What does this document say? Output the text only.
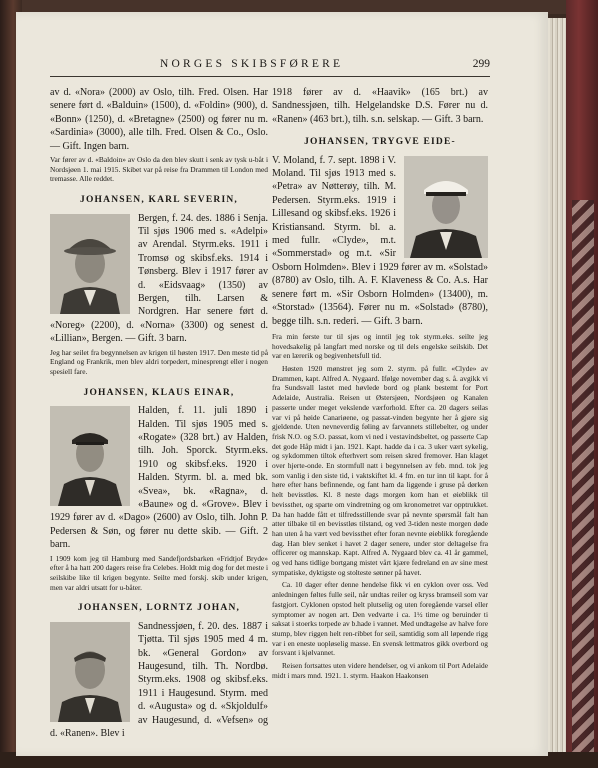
NORGES SKIBSFØRERE	299

av d. «Nora» (2000) av Oslo, tilh. Fred. Olsen. Har senere ført d. «Balduin» (1500), d. «Foldin» (900), d. «Bonn» (1250), d. «Bretagne» (2500) og fører nu m. «Sardinia» (3000), alle tilh. Fred. Olsen & Co., Oslo. — Gift. Ingen barn.

Var fører av d. «Baldoin» av Oslo da den blev skutt i senk av tysk u-båt i Nordsjøen 1. mai 1915. Skibet var på reise fra Drammen til London med tremasse. Alle reddet.

JOHANSEN, KARL SEVERIN,

Bergen, f. 24. des. 1886 i Senja. Til sjøs 1906 med s. «Adelpi» av Arendal. Styrm.eks. 1911 i Tromsø og skibsf.eks. 1914 i Tønsberg. Blev i 1917 fører av d. «Eidsvaag» (1350) av Bergen, tilh. Larsen & Nordgren. Har senere ført d. «Noreg» (2200), d. «Norna» (3300) og senest d. «Lillian», Bergen. — Gift. 3 barn.

Jeg har seilet fra begynnelsen av krigen til høsten 1917. Den meste tid på England og Frankrik, men blev aldri torpedert, minesprengt eller i nogen spesiell fare.

JOHANSEN, KLAUS EINAR,

Halden, f. 11. juli 1890 i Halden. Til sjøs 1905 med s. «Rogate» (328 brt.) av Halden, tilh. Joh. Sporck. Styrm.eks. 1910 og skibsf.eks. 1920 i Halden. Styrm. bl. a. med bk. «Svea», bk. «Ragna», d. «Baune» og d. «Grove». Blev i 1929 fører av d. «Dago» (2600) av Oslo, tilh. John P. Pedersen & Søn, og fører nu dette skib. — Gift. 2 barn.

I 1909 kom jeg til Hamburg med Sandefjordsbarken «Fridtjof Bryde» efter å ha hatt 200 dagers reise fra Celebes. Holdt mig dog for det meste i seilskibe like til krigen begynte. Seilte med forskj. skib under krigen, men var aldri utsatt for u-båter.

JOHANSEN, LORNTZ JOHAN,

Sandnessjøen, f. 20. des. 1887 i Tjøtta. Til sjøs 1905 med 4 m. bk. «General Gordon» av Haugesund, tilh. Th. Nordbø. Styrm.eks. 1908 og skibsf.eks. 1911 i Haugesund. Styrm. med d. «Augusta» og d. «Skjoldulf» av Haugesund, d. «Vefsen» og d. «Ranen». Blev i

1918 fører av d. «Haavik» (165 brt.) av Sandnessjøen, tilh. Helgelandske D.S. Fører nu d. «Ranen» (463 brt.), tilh. s.n. selskap. — Gift. 3 barn.

JOHANSEN, TRYGVE EIDE-

V. Moland, f. 7. sept. 1898 i V. Moland. Til sjøs 1913 med s. «Petra» av Nøtterøy, tilh. M. Pedersen. Styrm.eks. 1919 i Lillesand og skibsf.eks. 1926 i Kristiansand. Styrm. bl. a. med fullr. «Clyde», m.t. «Sommerstad» og m.t. «Sir Osborn Holmden». Blev i 1929 fører av m. «Solstad» (8780) av Oslo, tilh. A. F. Klaveness & Co. A.s. Har senere ført m. «Sir Osborn Holmden» (13400), m. «Storstad» (13564). Fører nu m. «Solstad» (8780), begge tilh. s.n. rederi. — Gift. 3 barn.

Fra min første tur til sjøs og inntil jeg tok styrm.eks. seilte jeg hovedsakelig på langfart med norske og til dels engelske seilskib. Det var en lærerik og begivenhetsfull tid.

Høsten 1920 mønstret jeg som 2. styrm. på fullr. «Clyde» av Drammen, kapt. Alfred A. Nygaard. Ifølge november dag s. å. avgikk vi fra Sundsvall lastet med høvlede bord og plank bestemt for Port Adelaide, Australia. Reisen ut Østersjøen, Nordsjøen og Kanalen passerte under meget vekslende værforhold. Efter ca. 20 dagers seilas var vi på høide Canariøene, og passat-vinden begynte her å gjøre sig gjeldende. Uten nevneverdig føling av farvannets stillebelter, og under frisk N.O. og S.O. passat, kom vi ned i vestavindsbeltet, og passerte Cap det gode Håp midt i jan. 1921. Kapt. hadde da i ca. 3 uker vært sykelig, og sykdommen tiltok efterhvert som reisen skred fremover. Han klaget over hjerte-onde. En stormfull natt i begynnelsen av feb. mnd. tok jeg som vanlig i den siste tid, i vaktskiftet kl. 4 fm. en tur inn til kapt. for å høre efter hans befinnende, og fant ham da liggende i gruse på dørken helt bevisstløs. Kl. 8 neste dags morgen kom han et øieblikk til bevissthet, og sparte om vindretning og om kronometret var opptrukket. Da han hadde fått et tilfredsstillende svar på nevnte spørsmål falt han atter tilbake til en bevisstløs tilstand, og ved 3-tiden neste morgen døde han uten å ha vært ved bevissthet efter foran nevnte øieblikk foregående dag. Han blev senket i havet 2 dager senere, under stor deltagelse fra officerer og mannskap. Kapt. Alfred A. Nygaard blev ca. 41 år gammel, og ved hans tidlige bortgang mistet vårt kjære fedreland en av sine mest sympatiske, dyktigste og stolteste sønner på havet.

Ca. 10 dager efter denne hendelse fikk vi en cyklon over oss. Ved anledningen føltes fulle seil, når undtas reiler og kryss bramseil som var fastgjort. Cyklonen opstod helt plutselig og uten foregående varsel eller symptomer av nogen art. Den vedvarte i ca. 1½ time og beruinder ti saksat i stoerks torpede av b.hade i vannet. Med undtagelse av halve fore stump, blev riggen helt ren-ribbet for seil, samtidig som all løpende rigg var i en eneste uopløselig masse. En svensk lettmatros gikk overbord og forsvant i kjølvannet.

Reisen fortsattes uten videre hendelser, og vi ankom til Port Adelaide midt i mars mnd. 1921. 1. styrm. Haakon Haakonsen
